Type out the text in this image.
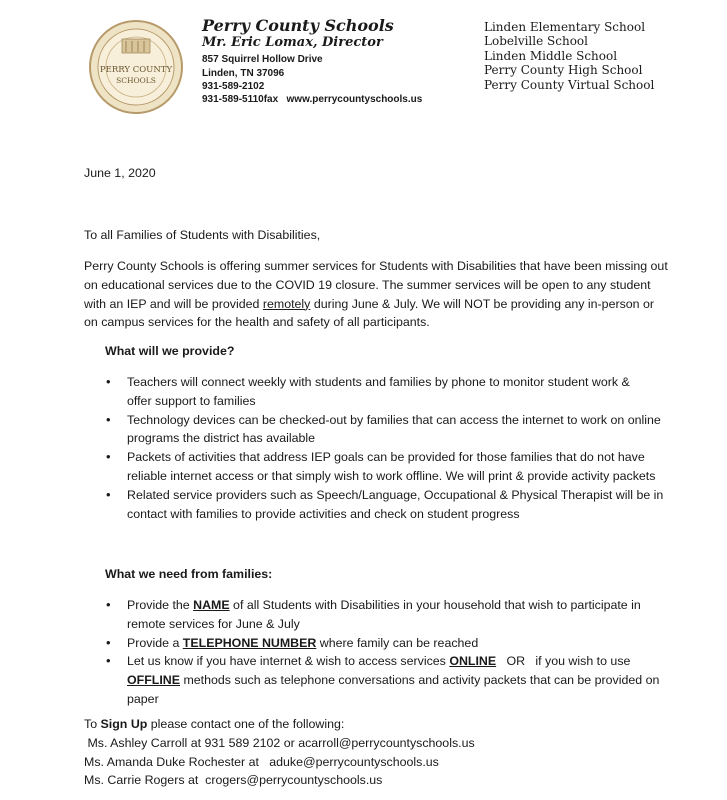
PERRY COUNTY
SCHOOLS
Perry County Schools
Mr. Eric Lomax, Director
857 Squirrel Hollow Drive
Linden, TN 37096
931-589-2102
931-589-5110fax www.perrycountyschools.us
Linden Elementary School
Lobelville School
Linden Middle School
Perry County High School
Perry County Virtual School
June 1, 2020
To all Families of Students with Disabilities,
Perry County Schools is offering summer services for Students with Disabilities that have been missing out
on educational services due to the COVID 19 closure. The summer services will be open to any student
with an IEP and will be provided remotely during June & July. We will NOT be providing any in-person or
on campus services for the health and safety of all participants.
What will we provide?
• Teachers will connect weekly with students and families by phone to monitor student work &
offer support to families
• Technology devices can be checked-out by families that can access the internet to work on online
programs the district has available
• Packets of activities that address IEP goals can be provided for those families that do not have
reliable internet access or that simply wish to work offline. We will print & provide activity packets
• Related service providers such as Speech/Language, Occupational & Physical Therapist will be in
contact with families to provide activities and check on student progress
What we need from families:
• Provide the NAME of all Students with Disabilities in your household that wish to participate in
remote services for June & July
• Provide a TELEPHONE NUMBER where family can be reached
• Let us know if you have internet & wish to access services ONLINE   OR   if you wish to use
OFFLINE methods such as telephone conversations and activity packets that can be provided on
paper
To Sign Up please contact one of the following:
Ms. Ashley Carroll at 931 589 2102 or acarroll@perrycountyschools.us
Ms. Amanda Duke Rochester at   aduke@perrycountyschools.us
Ms. Carrie Rogers at  crogers@perrycountyschools.us
